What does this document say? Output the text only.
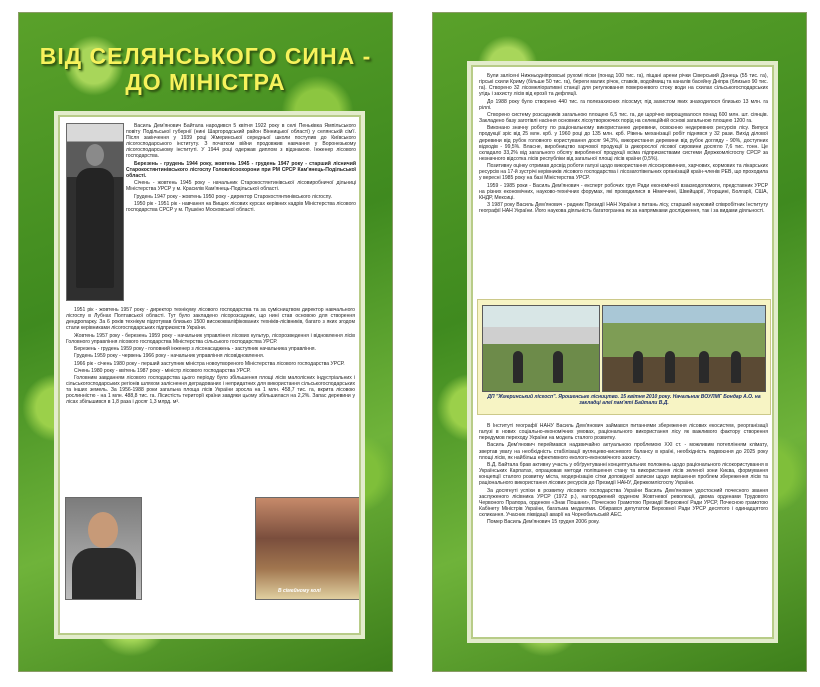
ВІД СЕЛЯНСЬКОГО СИНА -
ДО МІНІСТРА

Василь Дем'янович Байтала народився 5 квітня 1922 року в селі Пеньківка Ямпільського повіту Подільської губернії (нині Шаргородський район Вінницької області) у селянській сім'ї. Після закінчення у 1939 році Жмеринської середньої школи поступив до Київського лісогосподарського інституту. З початком війни продовжив навчання у Воронезькому лісогосподарському інституті. У 1944 році одержав диплом з відзнакою. Інженер лісового господарства.

Березень - грудень 1944 року, жовтень 1945 - грудень 1947 року - старший лісничий Старокостянтинівського лісгоспу Головлісоохорони при РМ СРСР Кам'янець-Подільської області.

Січень - жовтень 1945 року - начальник Старокостянтинівської лісовиробничої дільниці Міністерства УРСР у м. Красилів Кам'янець-Подільської області.

Грудень 1947 року - жовтень 1950 року - директор Старокостянтинівського лісгоспу.

1950 рік - 1951 рік - навчання на Вищих лісових курсах керівних кадрів Міністерства лісового господарства СРСР у м. Пушкіно Московської області.

1951 рік - жовтень 1957 року - директор технікуму лісового господарства та за сумісництвом директор навчального лісгоспу в Лубнах Полтавської області. Тут було закладено лісорозсадник, що нині став основою для створення дендропарку. За 6 років технікум підготував близько 1500 висококваліфікованих техніків-лісівників, багато з яких згодом стали керівниками лісогосподарських підприємств України.

Жовтень 1957 року - березень 1959 року - начальник управління лісових культур, лісорозведення і відновлення лісів Головного управління лісового господарства Міністерства сільського господарства УРСР.

Березень - грудень 1959 року - головний інженер з лісонасаджень - заступник начальника управління.

Грудень 1959 року - червень 1966 року - начальник управління лісовідновлення.

1966 рік - січень 1980 року - перший заступник міністра новоутвореного Міністерства лісового господарства УРСР.

Січень 1980 року - квітень 1987 року - міністр лісового господарства УРСР.

Головним завданням лісового господарства цього періоду було збільшення площі лісів малолісних індустріальних і сільськогосподарських регіонів шляхом заліснення деградованих і непридатних для використання сільськогосподарських та інших земель. За 1956-1988 роки загальна площа лісів України зросла на 1 млн. 458,7 тис. га, вкрита лісовою рослинністю - на 1 млн. 488,8 тис. га. Лісистість території країни завдяки цьому збільшилася на 2,2%. Запас деревини у лісах збільшився в 1,8 раза і досяг 1,3 млрд. м³.

В сімейному колі

Були залісені Нижньодніпровські рухомі піски (понад 100 тис. га), піщані арени річки Сіверський Донець (55 тис. га), гірські схили Криму (більше 50 тис. га), береги малих річок, ставків, водоймищ та каналів басейну Дніпра (близько 90 тис. га). Створено 32 лісомеліоративні станції для регулювання поверхневого стоку води на схилах сільськогосподарських угідь і захисту лісів від ерозії та дефляції.

До 1988 року було створено 440 тис. га полезахисних лісосмуг, під захистом яких знаходилося близько 13 млн. га ріллі.

Створено систему розсадників загальною площею 6,5 тис. га, де щорічно вирощувалося понад 600 млн. шт. сіянців. Закладено базу заготівлі насіння основних лісоутворюючих порід на селекційній основі загальною площею 1200 га.

Виконано значну роботу по раціональному використанню деревини, освоєнню недеревних ресурсів лісу. Випуск продукції зріс від 25 млн. крб. у 1960 році до 135 млн. крб. Рівень механізації робіт піднявся у 32 рази. Вихід ділової деревини від рубок головного користування досяг 94,3%, використання деревини від рубок догляду - 90%, доступних відходів - 99,5%. Власне, виробництво харчової продукції із дикорослої лісової сировини досягло 7,6 тис. тонн. Це складало 33,2% від загального обсягу виробленої продукції всіма підприємствами системи Держкомлісгоспу СРСР за незначного відсотка лісів республіки від загальної площі лісів країни (0,5%).

Позитивну оцінку отримав досвід роботи галузі щодо використання лісосировинних, харчових, кормових та лікарських ресурсів на 17-й зустрічі керівників лісового господарства і лісозаготівельних організацій країн-членів РЕВ, що проходила у вересні 1985 року на базі Міністерства УРСР.

1959 - 1985 роки - Василь Дем'янович - експерт робочих груп Ради економічної взаємодопомоги, представник УРСР на різних економічних, науково-технічних форумах, які проводилися в Німеччині, Швейцарії, Угорщині, Болгарії, США, КНДР, Мексиці.

З 1987 року Василь Дем'янович - радник Президії НАН України з питань лісу, старший науковий співробітник Інституту географії НАН України. Його наукова діяльність багатогранна як за напрямками дослідження, так і за видами діяльності.

ДП "Жмеринський лісгосп". Ярошенське лісництво. 15 квітня 2010 року. Начальник ВОУЛМГ Бондар А.О. на закладці алеї пам'яті Байтали В.Д.

В Інституті географії НАНУ Василь Дем'янович займався питаннями збереження лісових екосистем, реорганізації галузі в нових соціально-економічних умовах, раціонального використання лісу як важливого фактору створення передумов переходу України на модель сталого розвитку.

Василь Дем'янович переймався надзвичайно актуальною проблемою XXI ст. - можливим потеплінням клімату, звертав увагу на необхідність стабілізації вуглецево-кисневого балансу в країні, необхідність подвоєння до 2025 року площі лісів, як найбільш ефективного еколого-економічного захисту.

В.Д. Байтала брав активну участь у обґрунтуванні концептуальних положень щодо раціонального лісокористування в Українських Карпатах, опрацював методи поліпшення стану та використання лісів зеленої зони Києва, формування концепції сталого розвитку міста, модернізацію сітки доповідної записки щодо вирішення проблем збереження лісів та раціонального використання лісових ресурсів до Президії НАНУ, Держкомлісгоспу України.

За досягнуті успіхи в розвитку лісового господарства України Василь Дем'янович удостоєний почесного звання заслуженого лісівника УРСР (1972 р.), нагороджений орденом Жовтневої революції, двома орденами Трудового Червоного Прапора, орденом «Знак Пошани», Почесною Грамотою Президії Верховної Ради УРСР, Почесною грамотою Кабінету Міністрів України, багатьма медалями. Обирався депутатом Верховної Ради УРСР десятого і одинадцятого скликання. Учасник ліквідації аварії на Чорнобильській АЕС.

Помер Василь Дем'янович 15 грудня 2006 року.
